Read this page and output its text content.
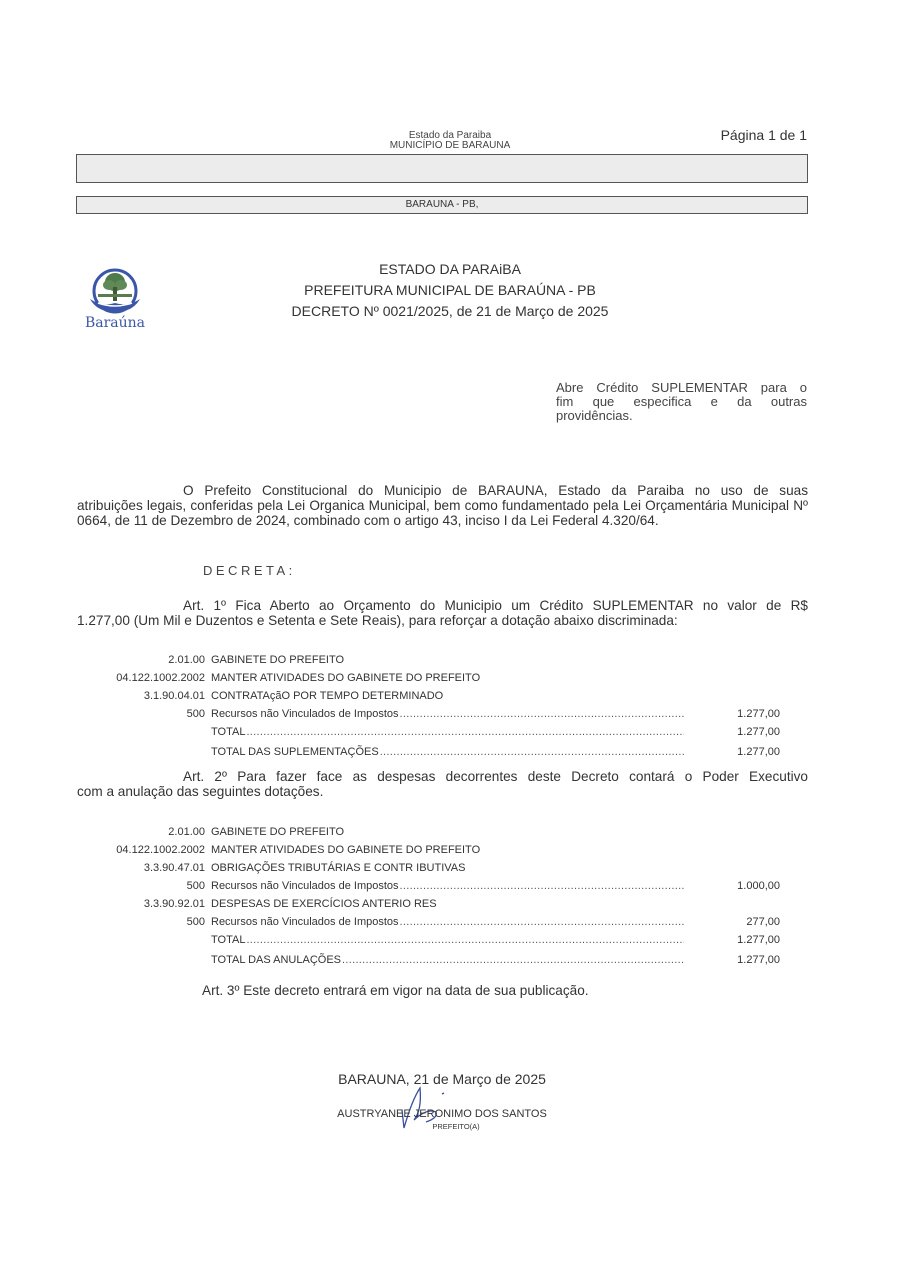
Estado da Paraiba
MUNICÍPIO DE BARAUNA
Página 1 de 1
BARAUNA - PB,
Baraúna
ESTADO DA PARAiBA
PREFEITURA MUNICIPAL DE BARAÚNA - PB
DECRETO Nº 0021/2025, de 21 de Março de 2025
Abre Crédito SUPLEMENTAR para o
fim que especifica e da outras
providências.
O Prefeito Constitucional do Municipio de BARAUNA, Estado da Paraiba no uso de suas
atribuições legais, conferidas pela Lei Organica Municipal, bem como fundamentado pela Lei Orçamentária Municipal Nº 0664, de 11 de Dezembro de 2024, combinado com o artigo 43, inciso I da Lei Federal 4.320/64.
DECRETA:
Art. 1º Fica Aberto ao Orçamento do Municipio um Crédito SUPLEMENTAR no valor de R$
1.277,00 (Um Mil e Duzentos e Setenta e Sete Reais), para reforçar a dotação abaixo discriminada:
2.01.00 GABINETE DO PREFEITO
04.122.1002.2002 MANTER ATIVIDADES DO GABINETE DO PREFEITO
3.1.90.04.01 CONTRATAçãO POR TEMPO DETERMINADO
500 Recursos não Vinculados de Impostos .....	1.277,00
TOTAL .....	1.277,00
TOTAL DAS SUPLEMENTAÇÕES .....	1.277,00
Art. 2º Para fazer face as despesas decorrentes deste Decreto contará o Poder Executivo
com a anulação das seguintes dotações.
2.01.00 GABINETE DO PREFEITO
04.122.1002.2002 MANTER ATIVIDADES DO GABINETE DO PREFEITO
3.3.90.47.01 OBRIGAÇÕES TRIBUTÁRIAS E CONTR IBUTIVAS
500 Recursos não Vinculados de Impostos .....	1.000,00
3.3.90.92.01 DESPESAS DE EXERCÍCIOS ANTERIO RES
500 Recursos não Vinculados de Impostos .....	277,00
TOTAL .....	1.277,00
TOTAL DAS ANULAÇÕES .....	1.277,00
Art. 3º Este decreto entrará em vigor na data de sua publicação.
BARAUNA, 21 de Março de 2025
AUSTRYANEE JERONIMO DOS SANTOS
PREFEITO(A)
